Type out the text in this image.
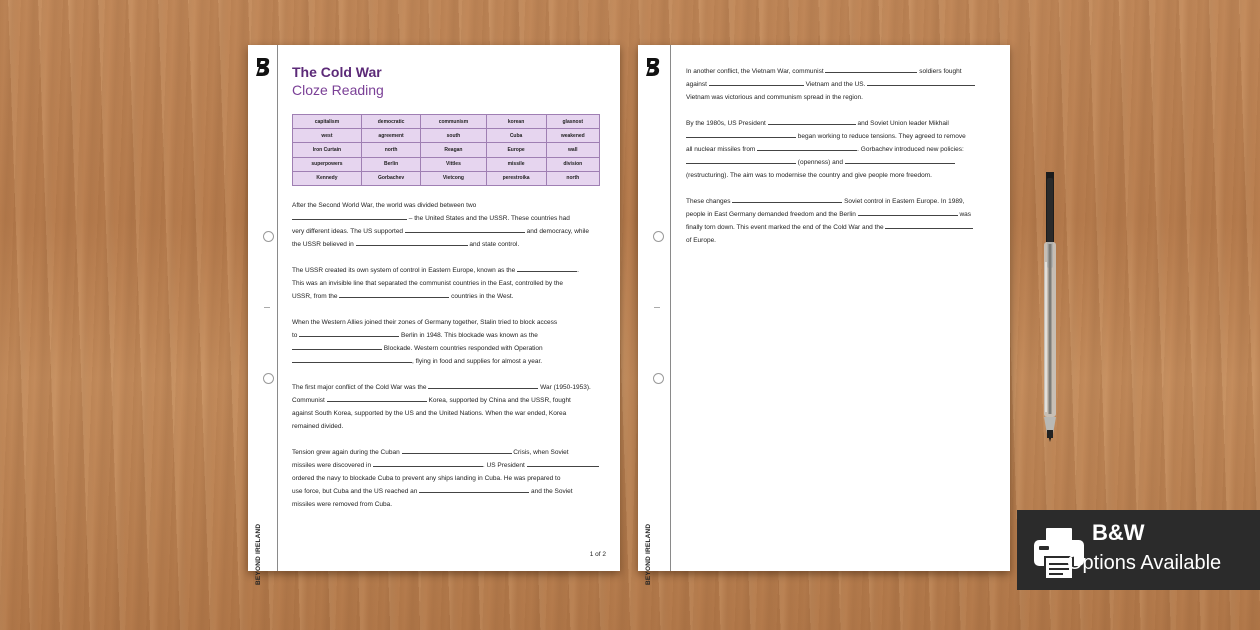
BEYOND IRELAND
The Cold War
Cloze Reading
capitalism	democratic	communism	korean	glasnost
west	agreement	south	Cuba	weakened
Iron Curtain	north	Reagan	Europe	wall
superpowers	Berlin	Vittles	missile	division
Kennedy	Gorbachev	Vietcong	perestroika	north
After the Second World War, the world was divided between two
– the United States and the USSR. These countries had
very different ideas. The US supported	and democracy, while
the USSR believed in	and state control.
The USSR created its own system of control in Eastern Europe, known as the	.
This was an invisible line that separated the communist countries in the East, controlled by the
USSR, from the	countries in the West.
When the Western Allies joined their zones of Germany together, Stalin tried to block access
to	Berlin in 1948. This blockade was known as the
Blockade. Western countries responded with Operation
, flying in food and supplies for almost a year.
The first major conflict of the Cold War was the	War (1950-1953).
Communist	Korea, supported by China and the USSR, fought
against South Korea, supported by the US and the United Nations. When the war ended, Korea
remained divided.
Tension grew again during the Cuban	Crisis, when Soviet
missiles were discovered in	. US President
ordered the navy to blockade Cuba to prevent any ships landing in Cuba. He was prepared to
use force, but Cuba and the US reached an	and the Soviet
missiles were removed from Cuba.
1 of 2	BEYOND IRELAND
In another conflict, the Vietnam War, communist	soldiers fought
against	Vietnam and the US.
Vietnam was victorious and communism spread in the region.
By the 1980s, US President	and Soviet Union leader Mikhail
began working to reduce tensions. They agreed to remove
all nuclear missiles from	. Gorbachev introduced new policies:
(openness) and
(restructuring). The aim was to modernise the country and give people more freedom.
These changes	Soviet control in Eastern Europe. In 1989,
people in East Germany demanded freedom and the Berlin	was
finally torn down. This event marked the end of the Cold War and the
of Europe.
B&W
Options Available
